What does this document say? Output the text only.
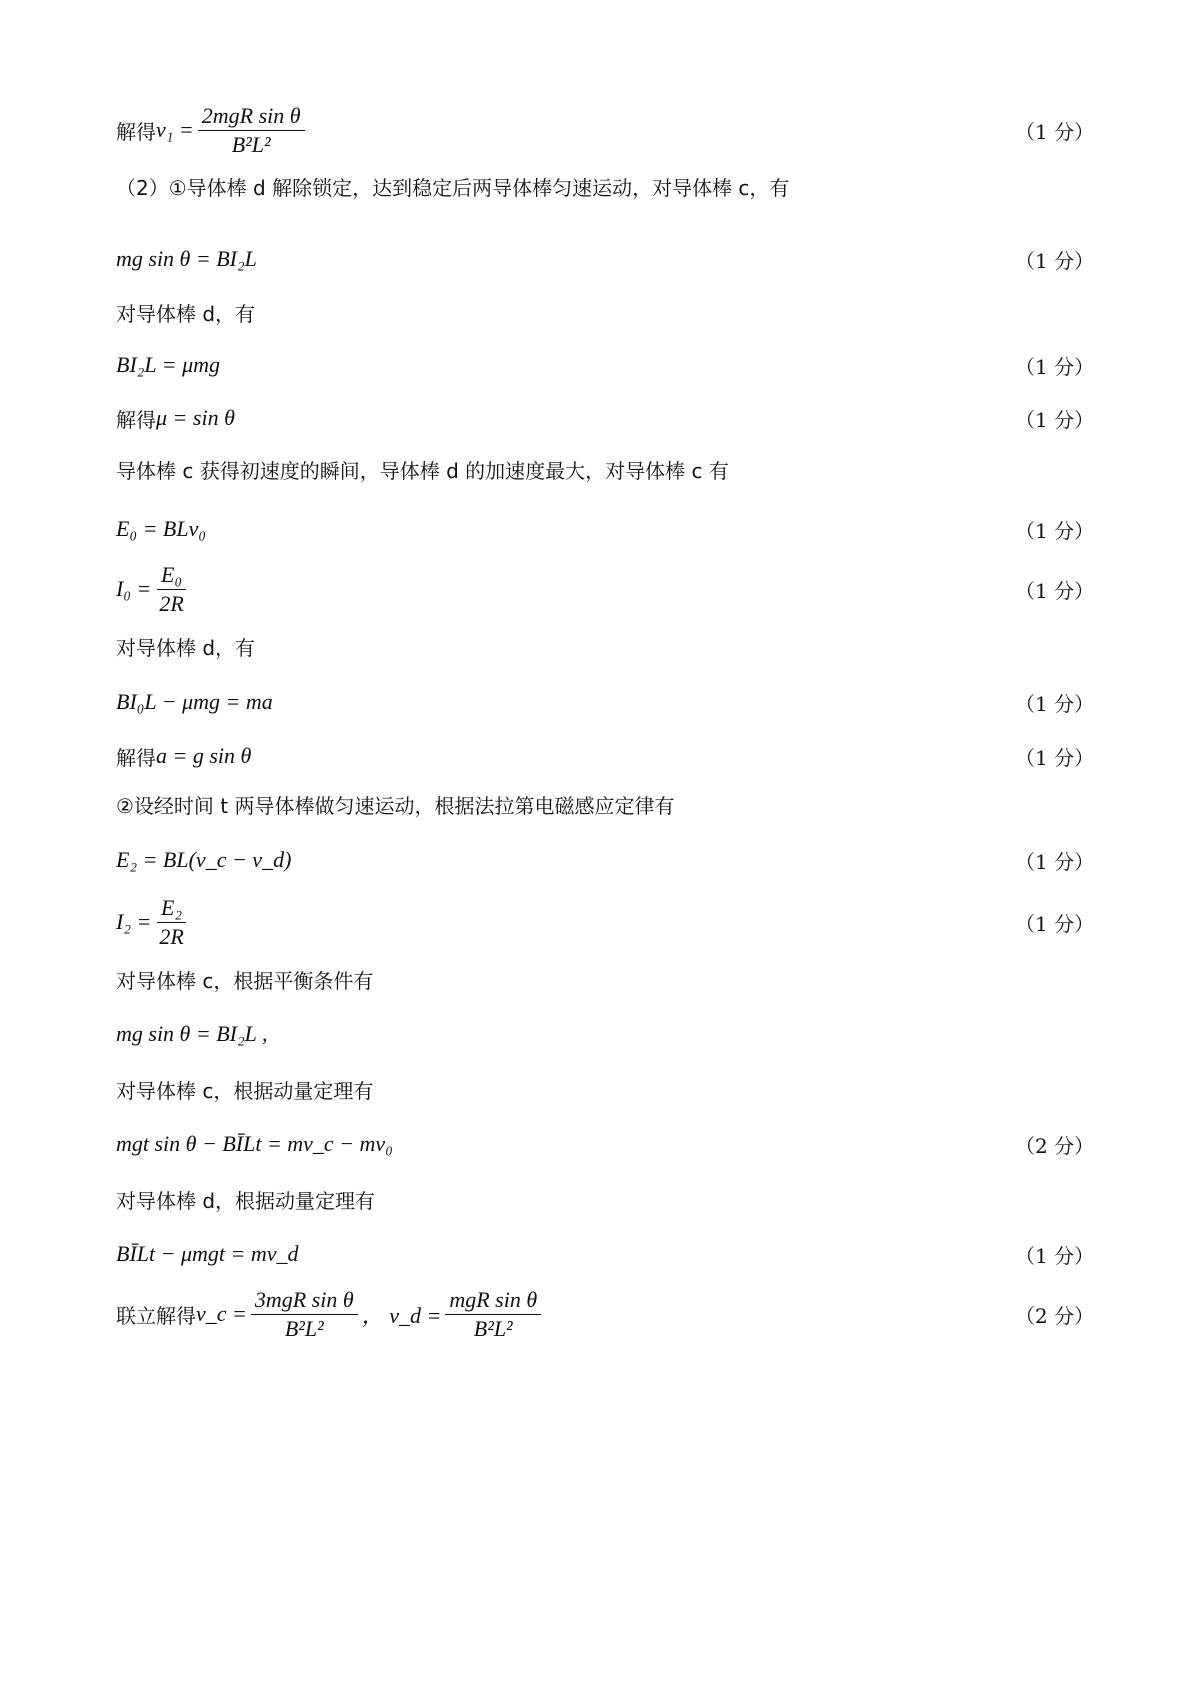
解得 $v_1 = \frac{\text{2mgR sin θ}}{\text{B²L²}}$	（1 分）
（2）①导体棒 d 解除锁定，达到稳定后两导体棒匀速运动，对导体棒 c，有
mg sin θ = BI₂L	（1 分）
对导体棒 d，有
BI₂L = μmg	（1 分）
解得 μ = sin θ	（1 分）
导体棒 c 获得初速度的瞬间，导体棒 d 的加速度最大，对导体棒 c 有
E₀ = BLv₀	（1 分）
$I_0 = \frac{\text{E₀}}{2R}$	（1 分）
对导体棒 d，有
BI₀L − μmg = ma	（1 分）
解得 a = g sin θ	（1 分）
②设经时间 t 两导体棒做匀速运动，根据法拉第电磁感应定律有
E₂ = BL(v_c − v_d)	（1 分）
$I_2 = \frac{\text{E₂}}{2R}$	（1 分）
对导体棒 c，根据平衡条件有
mg sin θ = BI₂L ,
对导体棒 c，根据动量定理有
mgt sin θ − BĪLt = mv_c − mv₀	（2 分）
对导体棒 d，根据动量定理有
BĪLt − μmgt = mv_d	（1 分）
联立解得 v_c = $\frac{\text{3mgR sin θ}}{\text{B²L²}}$ ， v_d = $\frac{\text{mgR sin θ}}{\text{B²L²}}$	（2 分）
